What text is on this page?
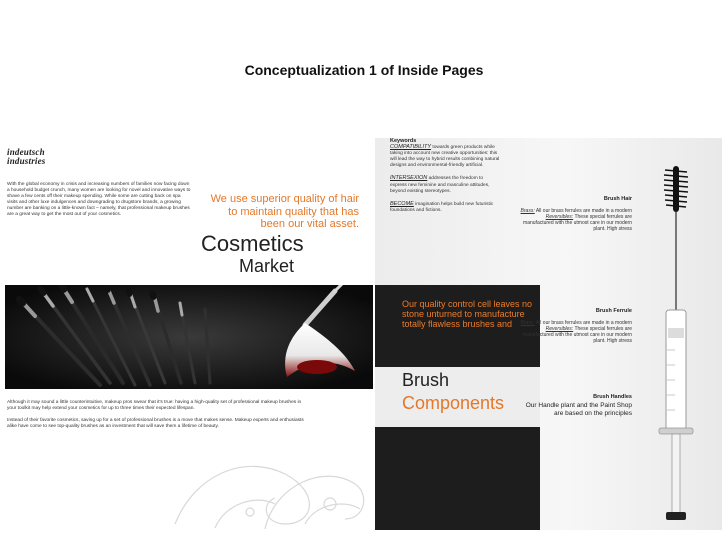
Conceptualization 1 of Inside Pages
indeutsch
industries
With the global economy in crisis and increasing numbers of families now facing down a household budget crunch, many women are looking for novel and innovative ways to shave a few cents off their makeup spending. While some are cutting back on spa visits and other luxe indulgences and downgrading to drugstore brands, a growing number are banking on a little-known fact – namely, that professional makeup brushes are a great way to get the most out of your cosmetics.
We use superior quality of hair to maintain quality that has been our vital asset.
Cosmetics
Market
Although it may sound a little counterintuitive, makeup pros swear that it's true: having a high-quality set of professional makeup brushes in your toolkit may help extend your cosmetics for up to three times their expected lifespan.
Instead of their favorite cosmetics, saving up for a set of professional brushes is a move that makes sense. Makeup experts and enthusiasts alike have come to see top-quality brushes as an investment that will save them a lifetime of beauty.
Keywords
COMPATIBILITY towards green products while taking into account new creative opportunities: this will lead the way to hybrid results combining natural designs and environmental-friendly artificial.
INTERSEXION addresses the freedom to express new feminine and masculine attitudes, beyond existing stereotypes.
BECOME imagination helps build new futuristic foundations and fictions.
Our quality control cell leaves no stone unturned to manufacture totally flawless brushes and
Brush
Components
Brush Hair
Brass: All our brass ferrules are made in a modern
Reversibles: These special ferrules are manufactured with the utmost care in our modern plant. High stress
Brush Ferrule
Brass: All our brass ferrules are made in a modern
Reversibles: These special ferrules are manufactured with the utmost care in our modern plant. High stress
Brush Handles
Our Handle plant and the Paint Shop are based on the principles
